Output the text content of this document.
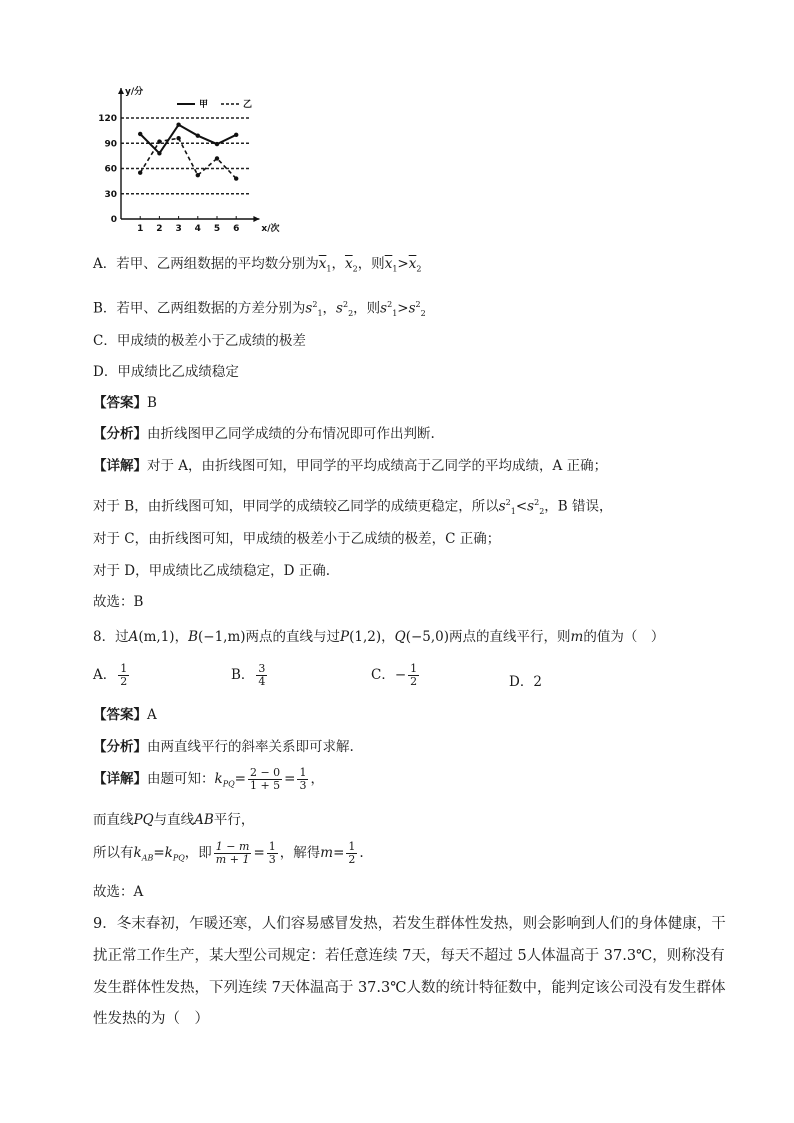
0
30
60
90
120
1 2 3 4 5 6
y/分
x/次
甲	乙
A．若甲、乙两组数据的平均数分别为$\overline{x}_1$，$\overline{x}_2$，则$\overline{x}_1>\overline{x}_2$
B．若甲、乙两组数据的方差分别为$s^2_1$，$s^2_2$，则$s^2_1>s^2_2$
C．甲成绩的极差小于乙成绩的极差
D．甲成绩比乙成绩稳定
【答案】B
【分析】由折线图甲乙同学成绩的分布情况即可作出判断.
【详解】对于 A，由折线图可知，甲同学的平均成绩高于乙同学的平均成绩，A 正确；
对于 B，由折线图可知，甲同学的成绩较乙同学的成绩更稳定，所以$s^2_1<s^2_2$，B 错误，
对于 C，由折线图可知，甲成绩的极差小于乙成绩的极差，C 正确；
对于 D，甲成绩比乙成绩稳定，D 正确.
故选：B
8．过A(m,1)，B(−1,m)两点的直线与过P(1,2)，Q(−5,0)两点的直线平行，则m的值为（　）
A． $\frac{1}{2}$	B． $\frac{3}{4}$	C．− $\frac{1}{2}$	D．2
【答案】A
【分析】由两直线平行的斜率关系即可求解.
【详解】由题可知：$k_{PQ}= \frac{2 - 0}{1 + 5} = \frac{1}{3}$ ，
而直线PQ与直线AB平行，
所以有$k_{AB}=k_{PQ}$，即 $\frac{1 - m}{m + 1} = \frac{1}{3}$ ，解得$m= \frac{1}{2}$ .
故选：A
9．冬末春初，乍暖还寒，人们容易感冒发热，若发生群体性发热，则会影响到人们的身体健康，干
扰正常工作生产，某大型公司规定：若任意连续 7天，每天不超过 5人体温高于 37.3℃，则称没有
发生群体性发热，下列连续 7天体温高于 37.3℃人数的统计特征数中，能判定该公司没有发生群体
性发热的为（　）
